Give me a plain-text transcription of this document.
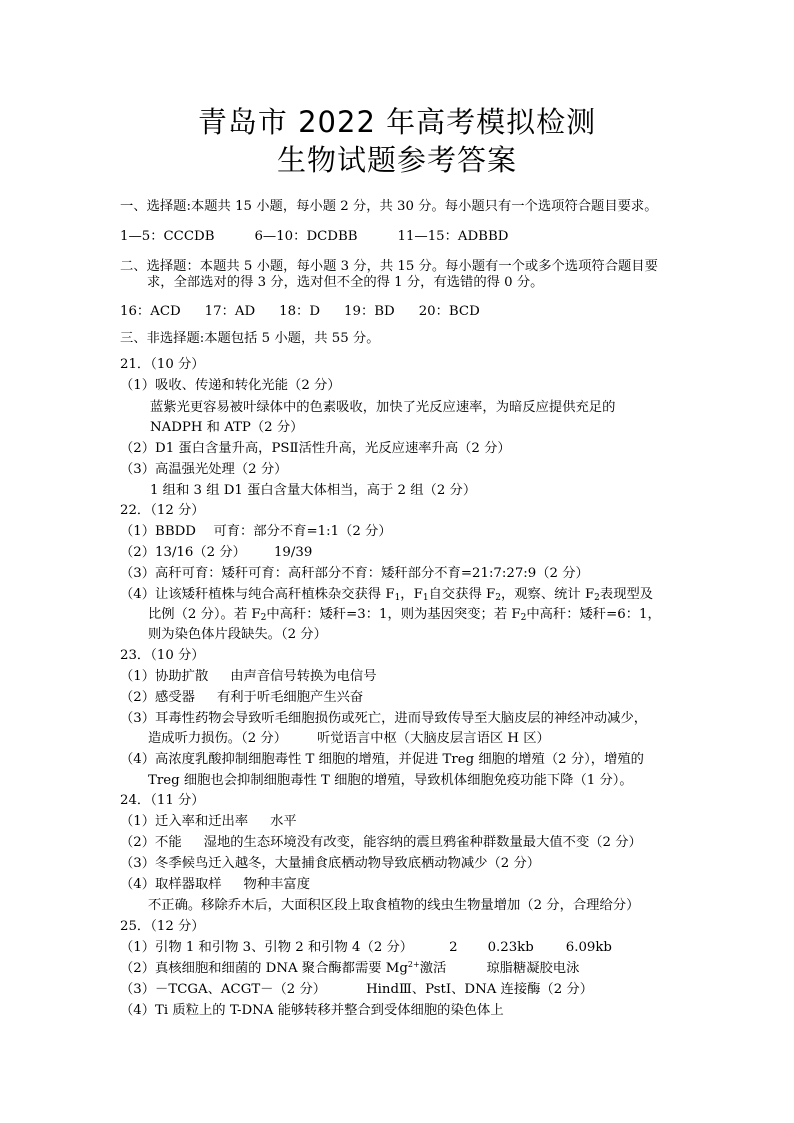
青岛市 2022 年高考模拟检测
生物试题参考答案
一、选择题:本题共 15 小题，每小题 2 分，共 30 分。每小题只有一个选项符合题目要求。
1—5：CCCDB	6—10：DCDBB	11—15：ADBBD
二、选择题：本题共 5 小题，每小题 3 分，共 15 分。每小题有一个或多个选项符合题目要
求，全部选对的得 3 分，选对但不全的得 1 分，有选错的得 0 分。
16：ACD 17：AD 18：D 19：BD 20：BCD
三、非选择题:本题包括 5 小题，共 55 分。
21．（10 分）
（1）吸收、传递和转化光能（2 分）
蓝紫光更容易被叶绿体中的色素吸收，加快了光反应速率，为暗反应提供充足的
NADPH 和 ATP（2 分）
（2）D1 蛋白含量升高，PSⅡ活性升高，光反应速率升高（2 分）
（3）高温强光处理（2 分）
1 组和 3 组 D1 蛋白含量大体相当，高于 2 组（2 分）
22．（12 分）
（1）BBDD　 可育：部分不育=1:1（2 分）
（2）13/16（2 分） 19/39
（3）高秆可育：矮秆可育：高秆部分不育：矮秆部分不育=21:7:27:9（2 分）
（4）让该矮秆植株与纯合高秆植株杂交获得 $F_1$，$F_1$自交获得 $F_2$，观察、统计 $F_2$表现型及
比例（2 分）。若 $F_2$中高秆：矮秆=3：1，则为基因突变；若 $F_2$中高秆：矮秆=6：1，
则为染色体片段缺失。（2 分）
23．（10 分）
（1）协助扩散 由声音信号转换为电信号
（2）感受器 有利于听毛细胞产生兴奋
（3）耳毒性药物会导致听毛细胞损伤或死亡，进而导致传导至大脑皮层的神经冲动减少，
造成听力损伤。（2 分） 听觉语言中枢（大脑皮层言语区 H 区）
（4）高浓度乳酸抑制细胞毒性 T 细胞的增殖，并促进 Treg 细胞的增殖（2 分），增殖的
Treg 细胞也会抑制细胞毒性 T 细胞的增殖，导致机体细胞免疫功能下降（1 分）。
24．（11 分）
（1）迁入率和迁出率 水平
（2）不能 湿地的生态环境没有改变，能容纳的震旦鸦雀种群数量最大值不变（2 分）
（3）冬季候鸟迁入越冬，大量捕食底栖动物导致底栖动物减少（2 分）
（4）取样器取样 物种丰富度
不正确。移除乔木后，大面积区段上取食植物的线虫生物量增加（2 分，合理给分）
25．（12 分）
（1）引物 1 和引物 3、引物 2 和引物 4（2 分）	2 0.23kb 6.09kb
（2）真核细胞和细菌的 DNA 聚合酶都需要 $Mg^{2+}$激活	琼脂糖凝胶电泳
（3）－TCGA、ACGT－（2 分）	HindⅢ、PstⅠ、DNA 连接酶（2 分）
（4）Ti 质粒上的 T-DNA 能够转移并整合到受体细胞的染色体上
